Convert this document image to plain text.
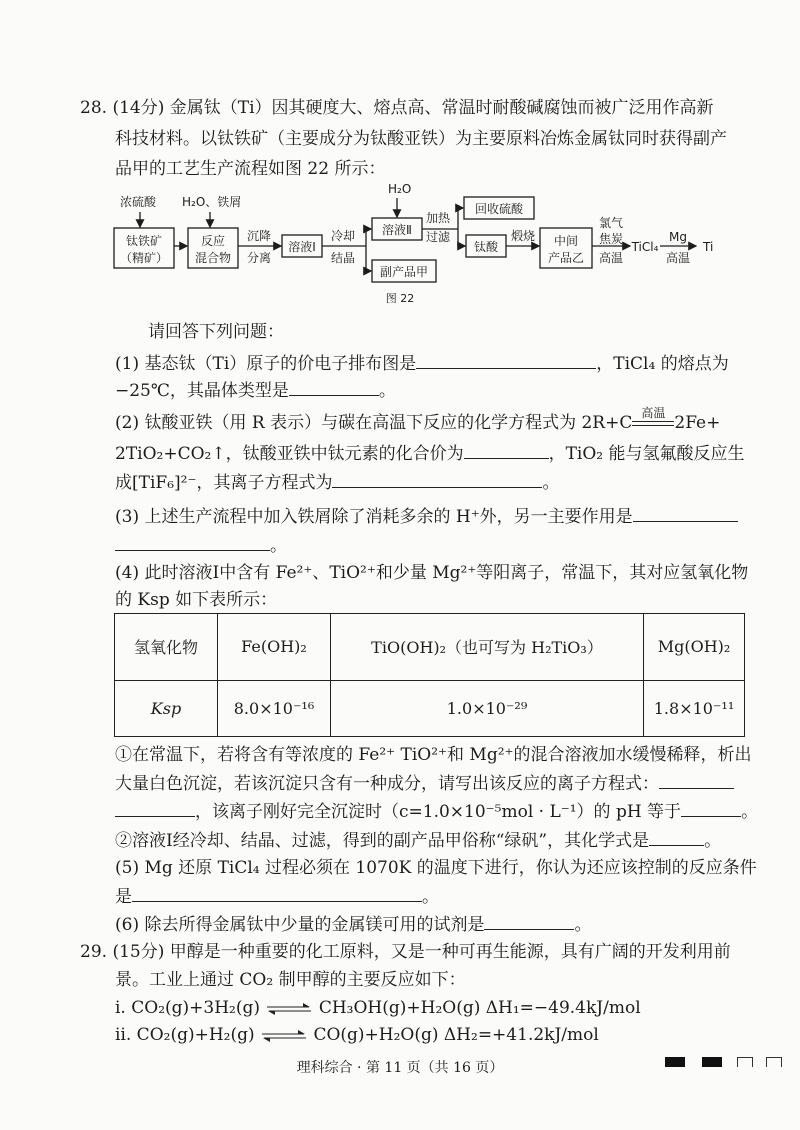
28. (14分) 金属钛（Ti）因其硬度大、熔点高、常温时耐酸碱腐蚀而被广泛用作高新
科技材料。以钛铁矿（主要成分为钛酸亚铁）为主要原料冶炼金属钛同时获得副产
品甲的工艺生产流程如图 22 所示：
浓硫酸 H₂O、铁屑
H₂O
钛铁矿
（精矿）
反应
混合物
沉降
分离
溶液Ⅰ
冷却
结晶
溶液Ⅱ
副产品甲
加热
过滤
回收硫酸
钛酸
煅烧 中间
产品乙
氯气
焦炭
高温
TiCl₄
Mg
高温
Ti
图 22
请回答下列问题：
(1) 基态钛（Ti）原子的价电子排布图是	，TiCl₄ 的熔点为
−25℃，其晶体类型是	。
(2) 钛酸亚铁（用 R 表示）与碳在高温下反应的化学方程式为 2R+C 高温 2Fe+
2TiO₂+CO₂↑，钛酸亚铁中钛元素的化合价为	，TiO₂ 能与氢氟酸反应生
成[TiF₆]²⁻，其离子方程式为	。
(3) 上述生产流程中加入铁屑除了消耗多余的 H⁺外，另一主要作用是
。
(4) 此时溶液Ⅰ中含有 Fe²⁺、TiO²⁺和少量 Mg²⁺等阳离子，常温下，其对应氢氧化物
的 Ksp 如下表所示：
氢氧化物	Fe(OH)₂	TiO(OH)₂（也可写为 H₂TiO₃）	Mg(OH)₂
Ksp	8.0×10⁻¹⁶	1.0×10⁻²⁹	1.8×10⁻¹¹
①在常温下，若将含有等浓度的 Fe²⁺ TiO²⁺和 Mg²⁺的混合溶液加水缓慢稀释，析出
大量白色沉淀，若该沉淀只含有一种成分，请写出该反应的离子方程式：
，该离子刚好完全沉淀时（c=1.0×10⁻⁵mol · L⁻¹）的 pH 等于	。
②溶液Ⅰ经冷却、结晶、过滤，得到的副产品甲俗称“绿矾”，其化学式是	。
(5) Mg 还原 TiCl₄ 过程必须在 1070K 的温度下进行，你认为还应该控制的反应条件
是	。
(6) 除去所得金属钛中少量的金属镁可用的试剂是	。
29. (15分) 甲醇是一种重要的化工原料，又是一种可再生能源，具有广阔的开发利用前
景。工业上通过 CO₂ 制甲醇的主要反应如下：
ⅰ. CO₂(g)+3H₂(g) ⇌ CH₃OH(g)+H₂O(g) ΔH₁=−49.4kJ/mol
ⅱ. CO₂(g)+H₂(g) ⇌ CO(g)+H₂O(g) ΔH₂=+41.2kJ/mol
理科综合 · 第 11 页（共 16 页）
